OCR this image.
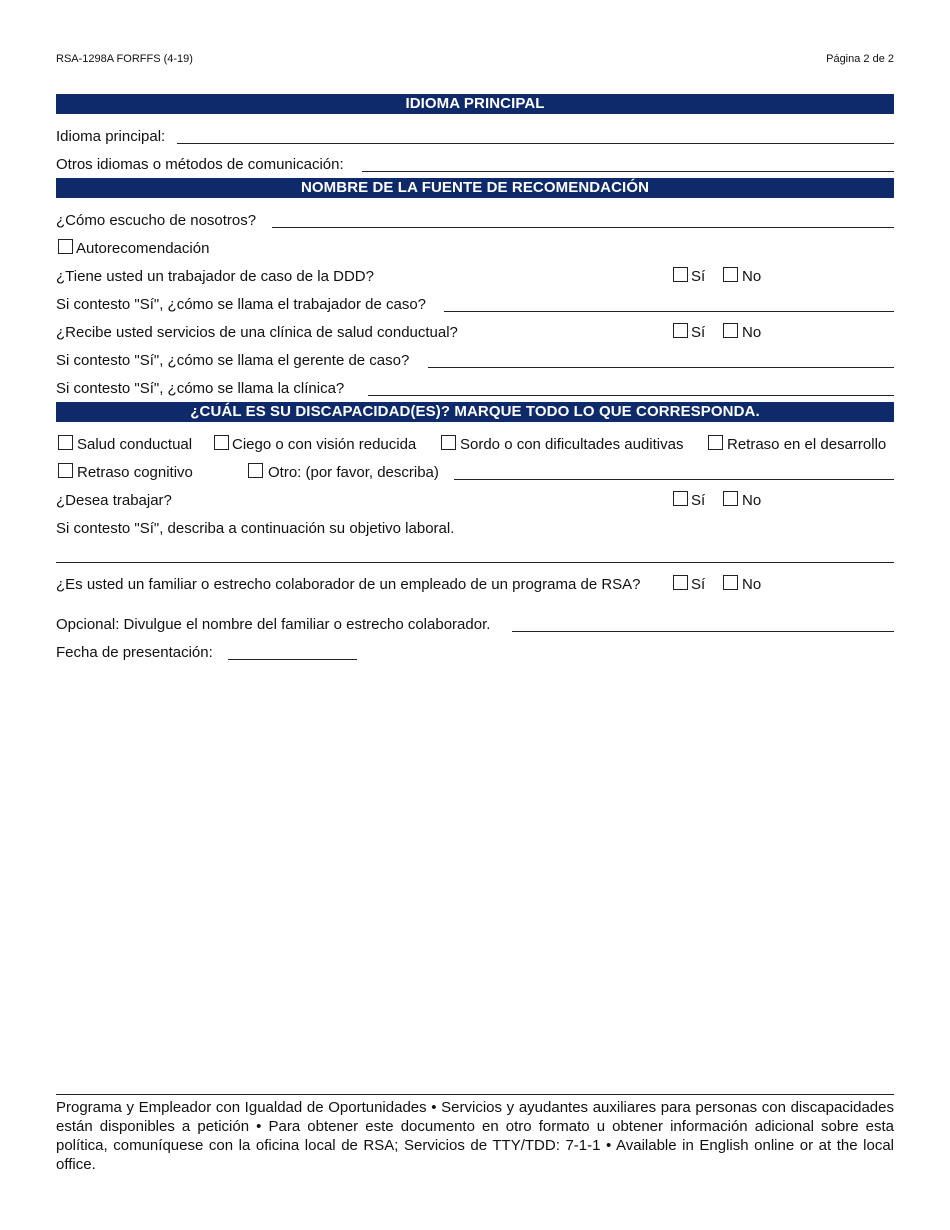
RSA-1298A FORFFS (4-19)	Página 2 de 2
IDIOMA PRINCIPAL
Idioma principal:
Otros idiomas o métodos de comunicación:
NOMBRE DE LA FUENTE DE RECOMENDACIÓN
¿Cómo escucho de nosotros?
Autorecomendación
¿Tiene usted un trabajador de caso de la DDD?	Sí No
Si contesto "Sí", ¿cómo se llama el trabajador de caso?
¿Recibe usted servicios de una clínica de salud conductual?	Sí No
Si contesto "Sí", ¿cómo se llama el gerente de caso?
Si contesto "Sí", ¿cómo se llama la clínica?
¿CUÁL ES SU DISCAPACIDAD(ES)? MARQUE TODO LO QUE CORRESPONDA.
Salud conductual	Ciego o con visión reducida	Sordo o con dificultades auditivas	Retraso en el desarrollo
Retraso cognitivo	Otro: (por favor, describa)
¿Desea trabajar?	Sí No
Si contesto "Sí", describa a continuación su objetivo laboral.
¿Es usted un familiar o estrecho colaborador de un empleado de un programa de RSA?	Sí No
Opcional: Divulgue el nombre del familiar o estrecho colaborador.
Fecha de presentación:
Programa y Empleador con Igualdad de Oportunidades • Servicios y ayudantes auxiliares para personas con discapacidades están disponibles a petición • Para obtener este documento en otro formato u obtener información adicional sobre esta política, comuníquese con la oficina local de RSA; Servicios de TTY/TDD: 7-1-1 • Available in English online or at the local office.
